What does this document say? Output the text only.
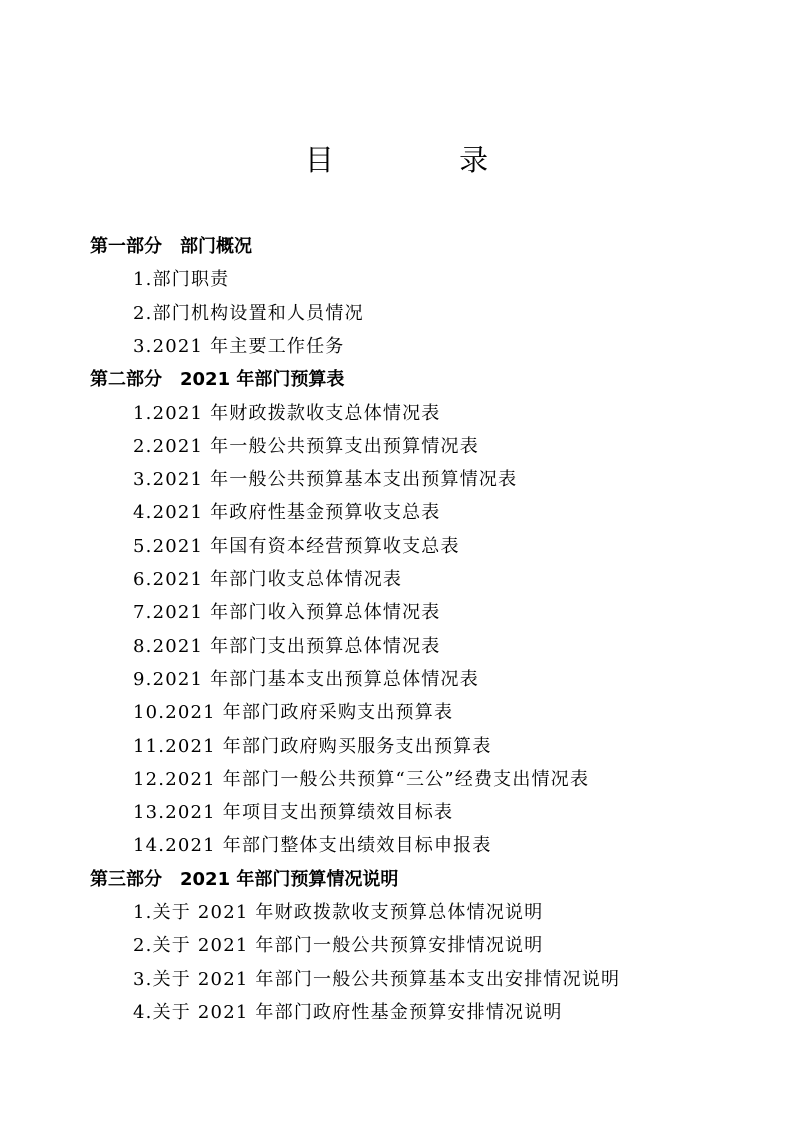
目 录
第一部分　部门概况
1.部门职责
2.部门机构设置和人员情况
3.2021 年主要工作任务
第二部分　2021 年部门预算表
1.2021 年财政拨款收支总体情况表
2.2021 年一般公共预算支出预算情况表
3.2021 年一般公共预算基本支出预算情况表
4.2021 年政府性基金预算收支总表
5.2021 年国有资本经营预算收支总表
6.2021 年部门收支总体情况表
7.2021 年部门收入预算总体情况表
8.2021 年部门支出预算总体情况表
9.2021 年部门基本支出预算总体情况表
10.2021 年部门政府采购支出预算表
11.2021 年部门政府购买服务支出预算表
12.2021 年部门一般公共预算“三公”经费支出情况表
13.2021 年项目支出预算绩效目标表
14.2021 年部门整体支出绩效目标申报表
第三部分　2021 年部门预算情况说明
1.关于 2021 年财政拨款收支预算总体情况说明
2.关于 2021 年部门一般公共预算安排情况说明
3.关于 2021 年部门一般公共预算基本支出安排情况说明
4.关于 2021 年部门政府性基金预算安排情况说明
